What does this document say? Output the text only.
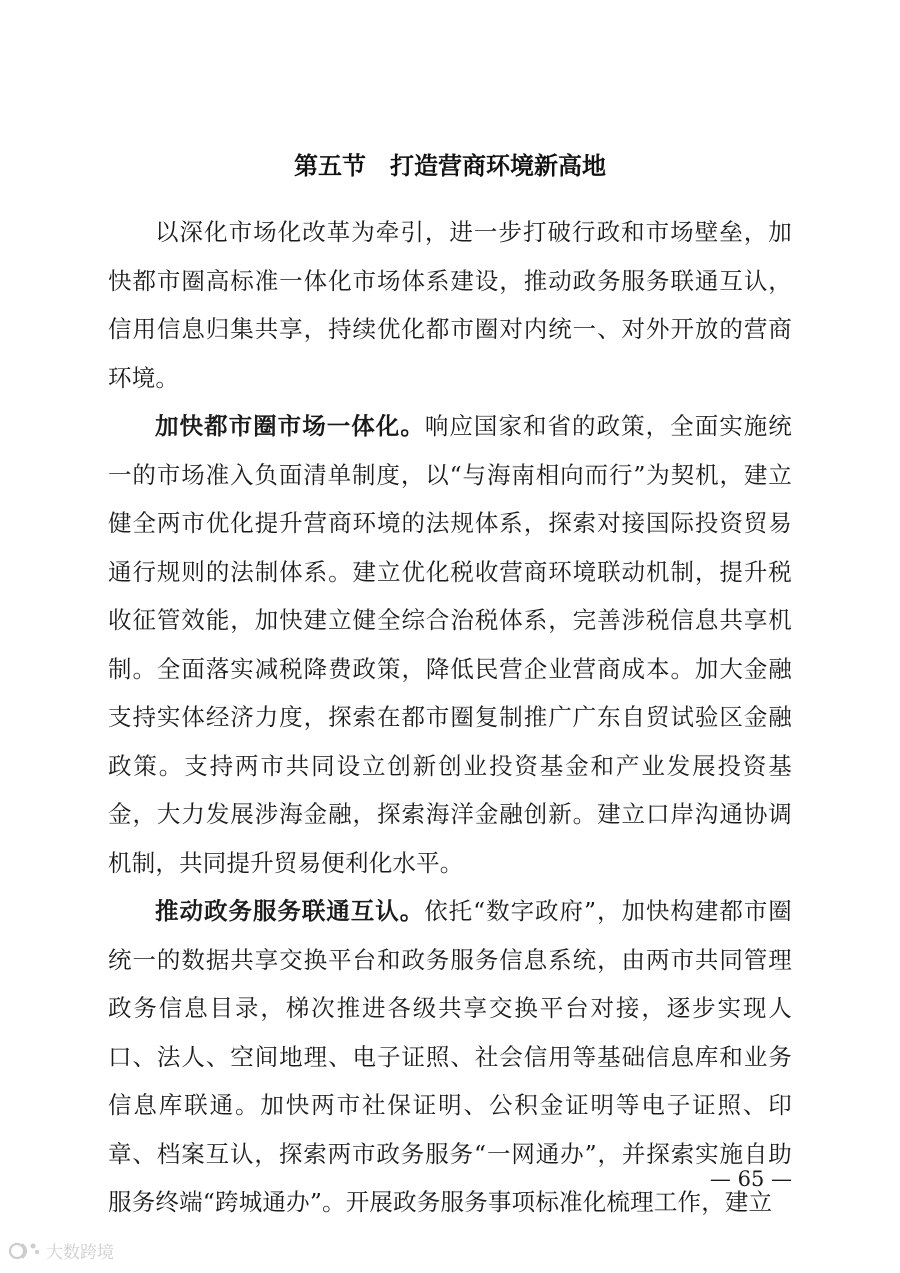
第五节　打造营商环境新高地

以深化市场化改革为牵引，进一步打破行政和市场壁垒，加快都市圈高标准一体化市场体系建设，推动政务服务联通互认，信用信息归集共享，持续优化都市圈对内统一、对外开放的营商环境。

加快都市圈市场一体化。响应国家和省的政策，全面实施统一的市场准入负面清单制度，以“与海南相向而行”为契机，建立健全两市优化提升营商环境的法规体系，探索对接国际投资贸易通行规则的法制体系。建立优化税收营商环境联动机制，提升税收征管效能，加快建立健全综合治税体系，完善涉税信息共享机制。全面落实减税降费政策，降低民营企业营商成本。加大金融支持实体经济力度，探索在都市圈复制推广广东自贸试验区金融政策。支持两市共同设立创新创业投资基金和产业发展投资基金，大力发展涉海金融，探索海洋金融创新。建立口岸沟通协调机制，共同提升贸易便利化水平。

推动政务服务联通互认。依托“数字政府”，加快构建都市圈统一的数据共享交换平台和政务服务信息系统，由两市共同管理政务信息目录，梯次推进各级共享交换平台对接，逐步实现人口、法人、空间地理、电子证照、社会信用等基础信息库和业务信息库联通。加快两市社保证明、公积金证明等电子证照、印章、档案互认，探索两市政务服务“一网通办”，并探索实施自助服务终端“跨城通办”。开展政务服务事项标准化梳理工作，建立

— 65 —
大数跨境
